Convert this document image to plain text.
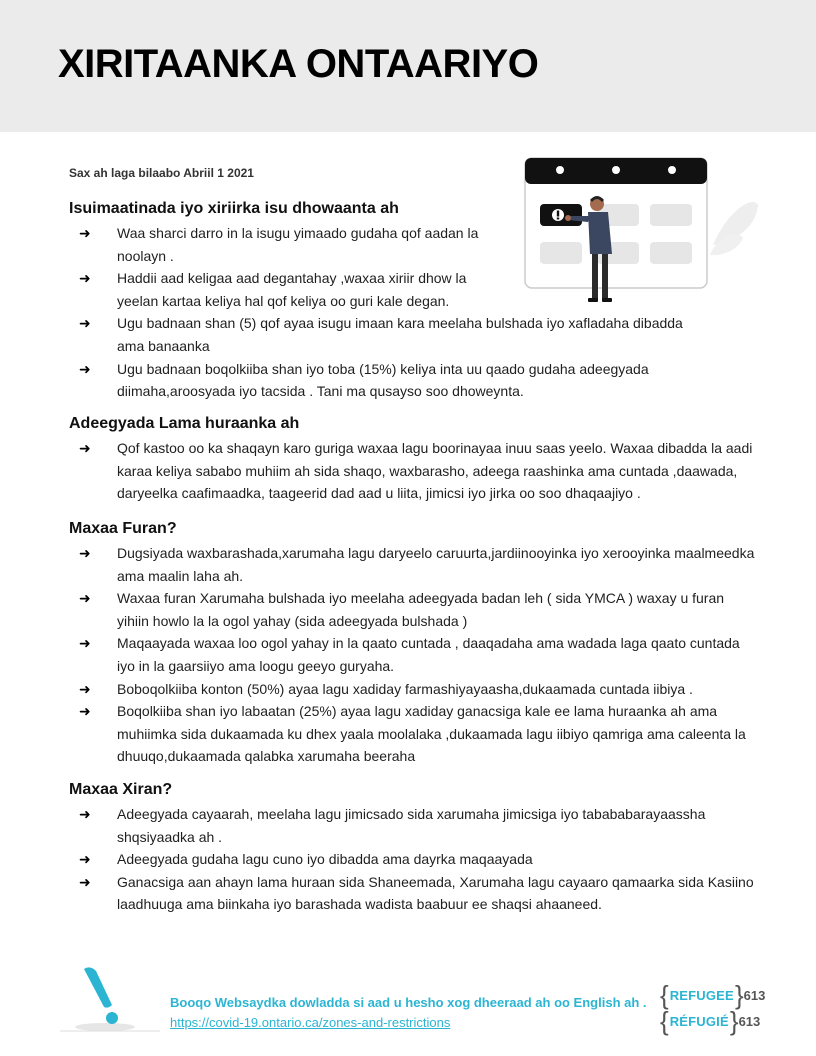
XIRITAANKA ONTAARIYO
Sax ah laga bilaabo Abriil 1 2021
Isuimaatinada iyo xiriirka isu dhowaanta ah
➜ Waa sharci darro in la isugu yimaado gudaha qof aadan la noolayn .
➜ Haddii aad keligaa aad degantahay ,waxaa xiriir dhow la yeelan kartaa keliya hal qof keliya oo guri kale degan.
➜ Ugu badnaan shan (5) qof ayaa isugu imaan kara meelaha bulshada iyo xafladaha dibadda ama banaanka
➜ Ugu badnaan boqolkiiba shan iyo toba (15%) keliya inta uu qaado gudaha adeegyada diimaha,aroosyada iyo tacsida . Tani ma qusayso soo dhoweynta.
Adeegyada Lama huraanka ah
➜ Qof kastoo oo ka shaqayn karo guriga waxaa lagu boorinayaa inuu saas yeelo. Waxaa dibadda la aadi karaa keliya sababo muhiim ah sida shaqo, waxbarasho, adeega raashinka ama cuntada ,daawada, daryeelka caafimaadka, taageerid dad aad u liita, jimicsi iyo jirka oo soo dhaqaajiyo .
Maxaa Furan?
➜ Dugsiyada waxbarashada,xarumaha lagu daryeelo caruurta,jardiinooyinka iyo xerooyinka maalmeedka ama maalin laha ah.
➜ Waxaa furan Xarumaha bulshada iyo meelaha adeegyada badan leh ( sida YMCA ) waxay u furan yihiin howlo la la ogol yahay (sida adeegyada bulshada )
➜ Maqaayada waxaa loo ogol yahay in la qaato cuntada , daaqadaha ama wadada laga qaato cuntada iyo in la gaarsiiyo ama loogu geeyo guryaha.
➜ Boboqolkiiba konton (50%) ayaa lagu xadiday farmashiyayaasha,dukaamada cuntada iibiya .
➜ Boqolkiiba shan iyo labaatan (25%) ayaa lagu xadiday ganacsiga kale ee lama huraanka ah ama muhiimka sida dukaamada ku dhex yaala moolalaka ,dukaamada lagu iibiyo qamriga ama caleenta la dhuuqo,dukaamada qalabka xarumaha beeraha
Maxaa Xiran?
➜ Adeegyada cayaarah, meelaha lagu jimicsado sida xarumaha jimicsiga iyo tabababarayaassha shqsiyaadka ah .
➜ Adeegyada gudaha lagu cuno iyo dibadda ama dayrka maqaayada
➜ Ganacsiga aan ahayn lama huraan sida Shaneemada, Xarumaha lagu cayaaro qamaarka sida Kasiino laadhuuga ama biinkaha iyo barashada wadista baabuur ee shaqsi ahaaneed.
Booqo Websaydka dowladda si aad u hesho xog dheeraad ah oo English ah .
https://covid-19.ontario.ca/zones-and-restrictions
{ REFUGEE } 613
{ RÉFUGIÉ } 613
